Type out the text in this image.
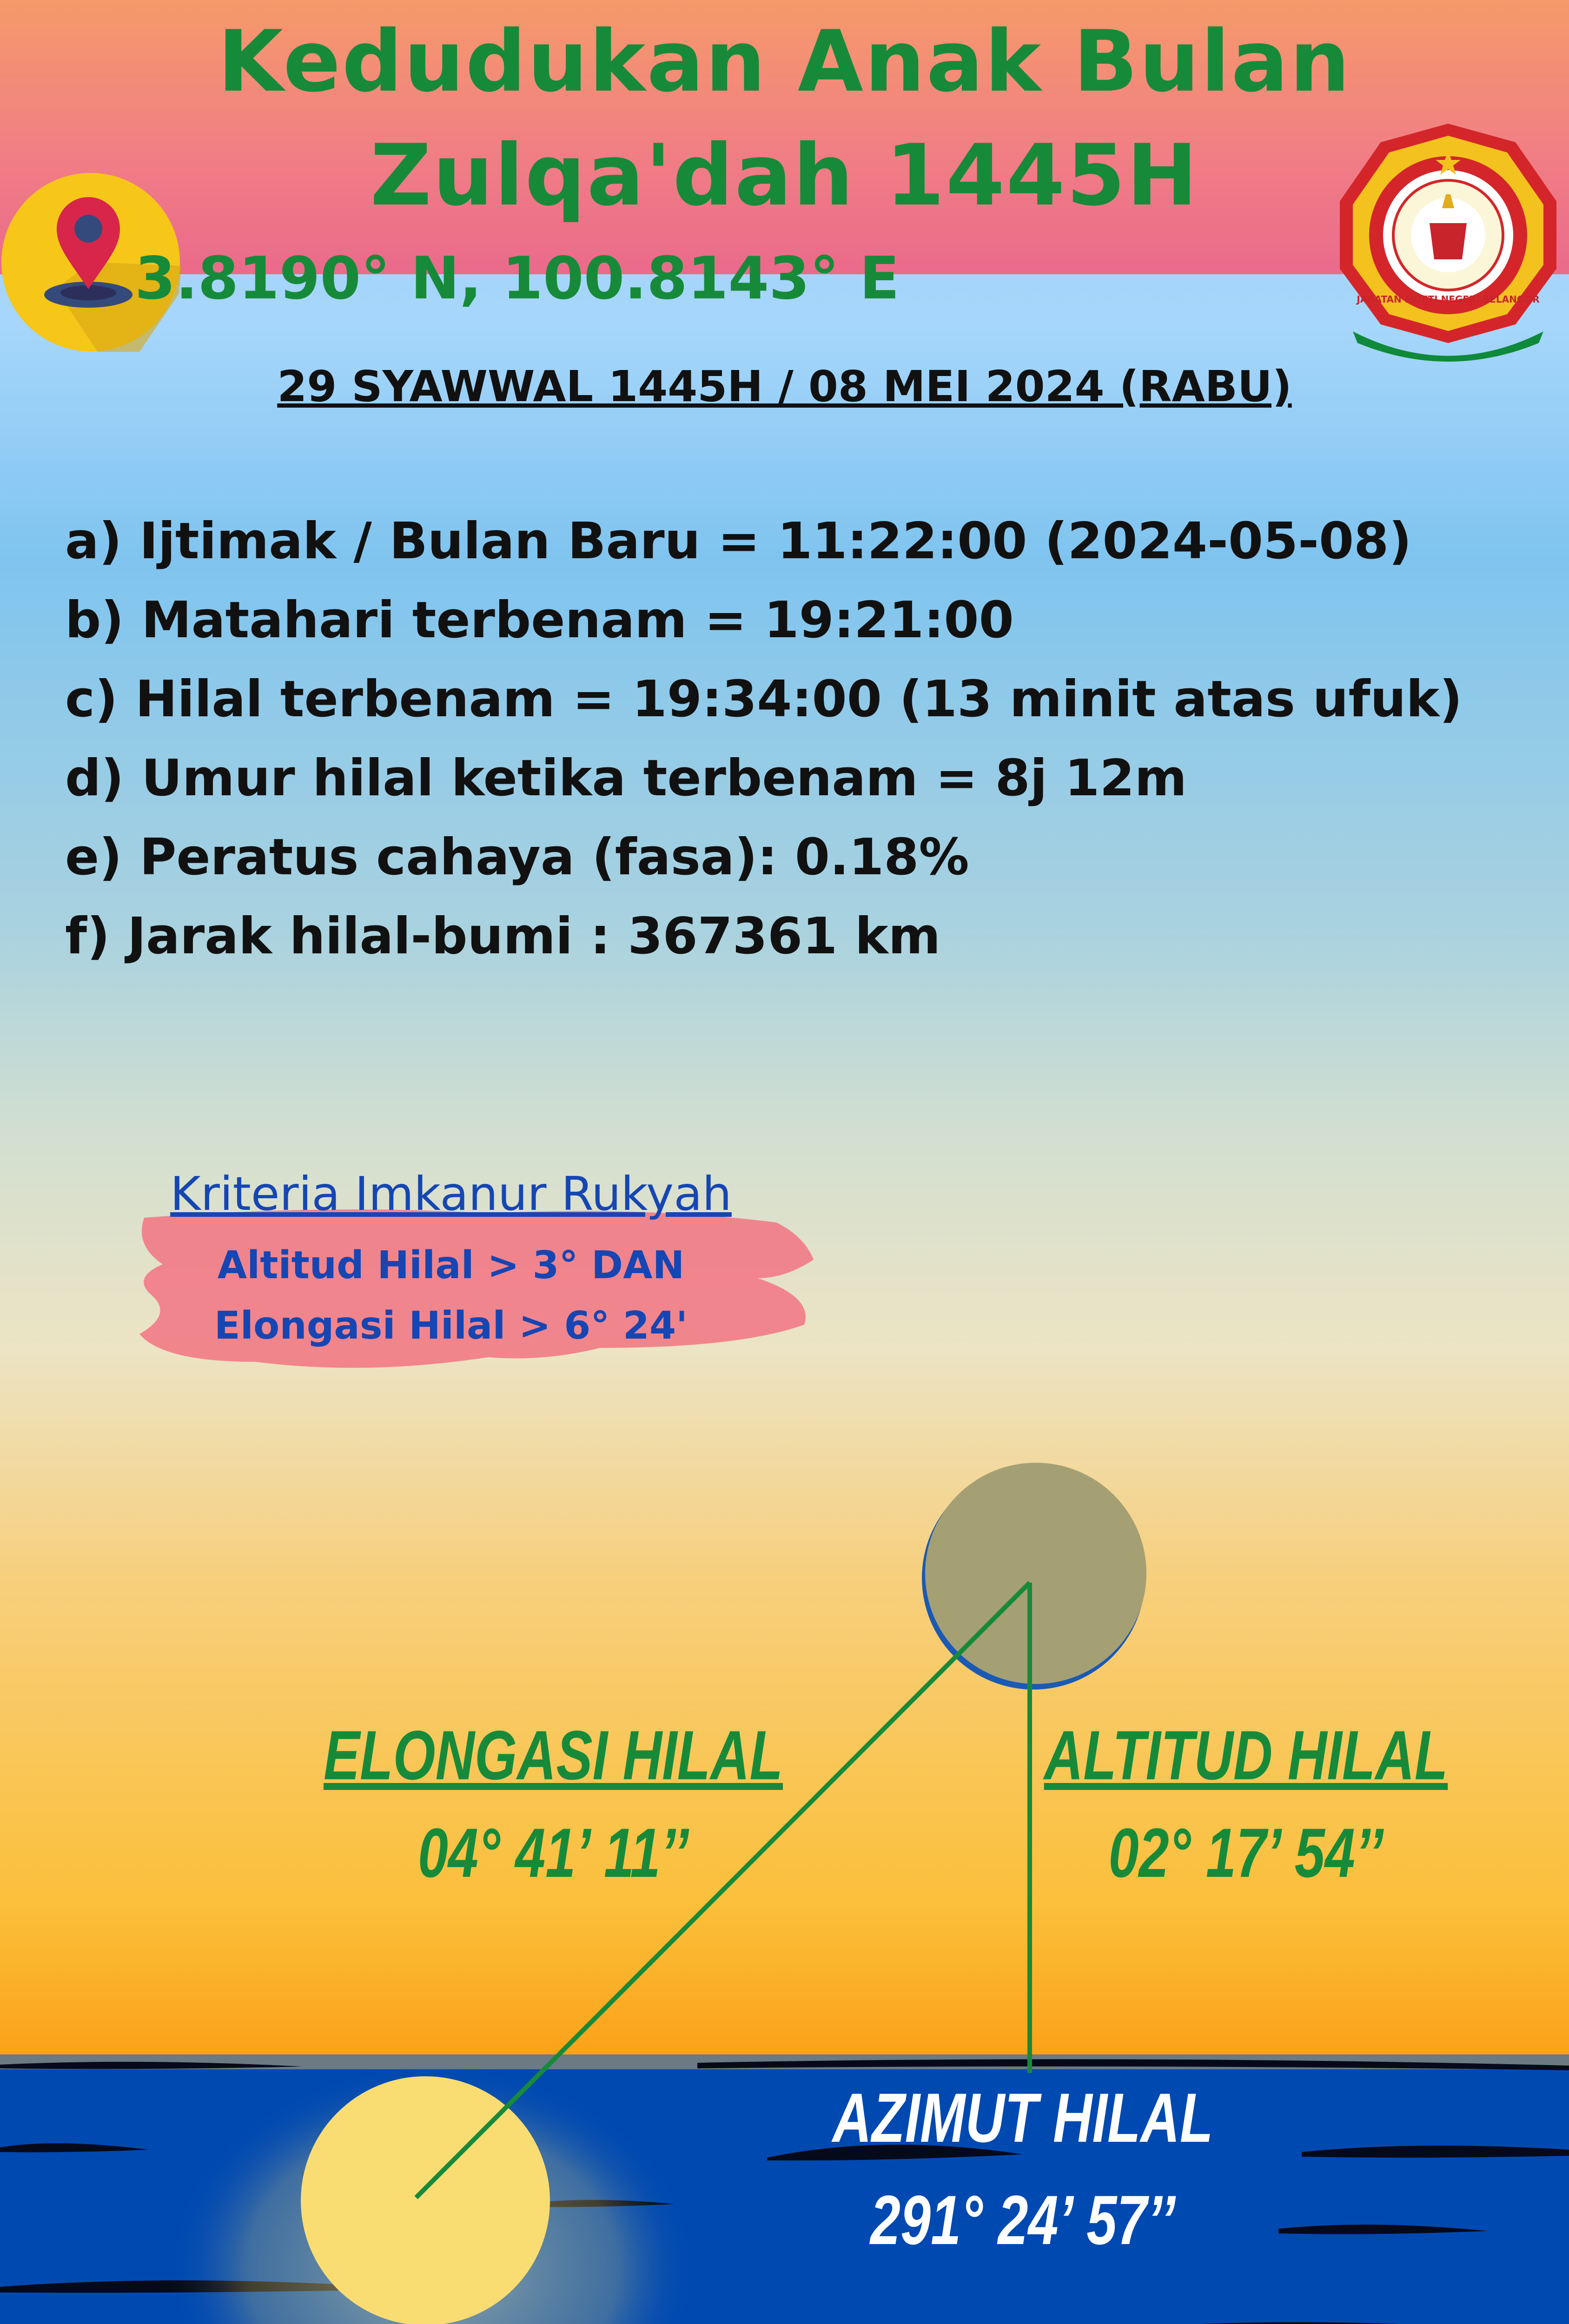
Kedudukan Anak Bulan
Zulqa'dah 1445H
3.8190° N, 100.8143° E	JABATAN MUFTI NEGERI SELANGOR
29 SYAWWAL 1445H / 08 MEI 2024 (RABU)
a) Ijtimak / Bulan Baru = 11:22:00 (2024-05-08)
b) Matahari terbenam = 19:21:00
c) Hilal terbenam = 19:34:00 (13 minit atas ufuk)
d) Umur hilal ketika terbenam = 8j 12m
e) Peratus cahaya (fasa): 0.18%
f) Jarak hilal-bumi : 367361 km
Kriteria Imkanur Rukyah
Altitud Hilal > 3° DAN
Elongasi Hilal > 6° 24'
ELONGASI HILAL
04° 41’ 11’’
ALTITUD HILAL
02° 17’ 54’’
AZIMUT HILAL
291° 24’ 57’’
